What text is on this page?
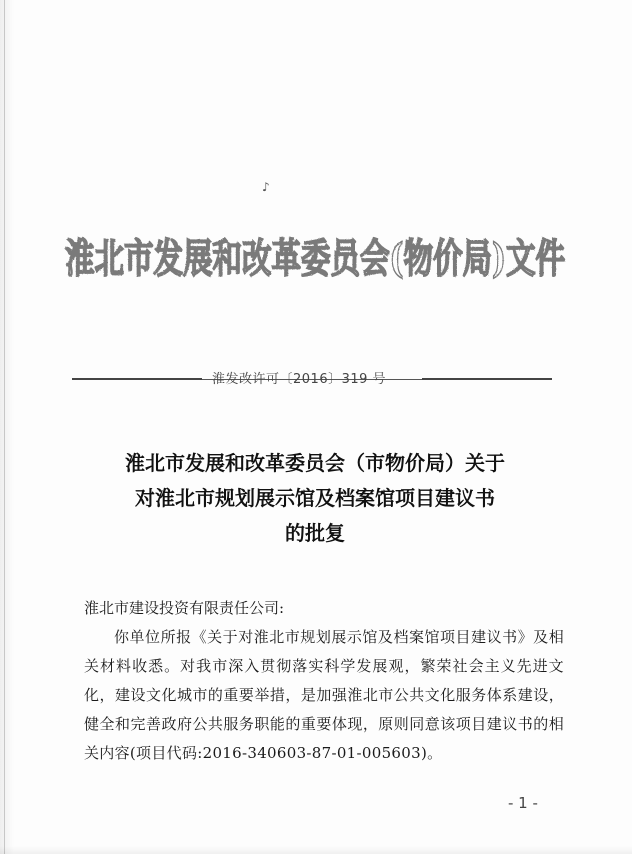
♪
淮北市发展和改革委员会(物价局)文件
淮发改许可〔2016〕319 号
淮北市发展和改革委员会（市物价局）关于
对淮北市规划展示馆及档案馆项目建议书
的批复
淮北市建设投资有限责任公司:
你单位所报《关于对淮北市规划展示馆及档案馆项目建议书》及相关材料收悉。对我市深入贯彻落实科学发展观，繁荣社会主义先进文化，建设文化城市的重要举措，是加强淮北市公共文化服务体系建设，健全和完善政府公共服务职能的重要体现，原则同意该项目建议书的相关内容(项目代码:2016-340603-87-01-005603)。
- 1 -
